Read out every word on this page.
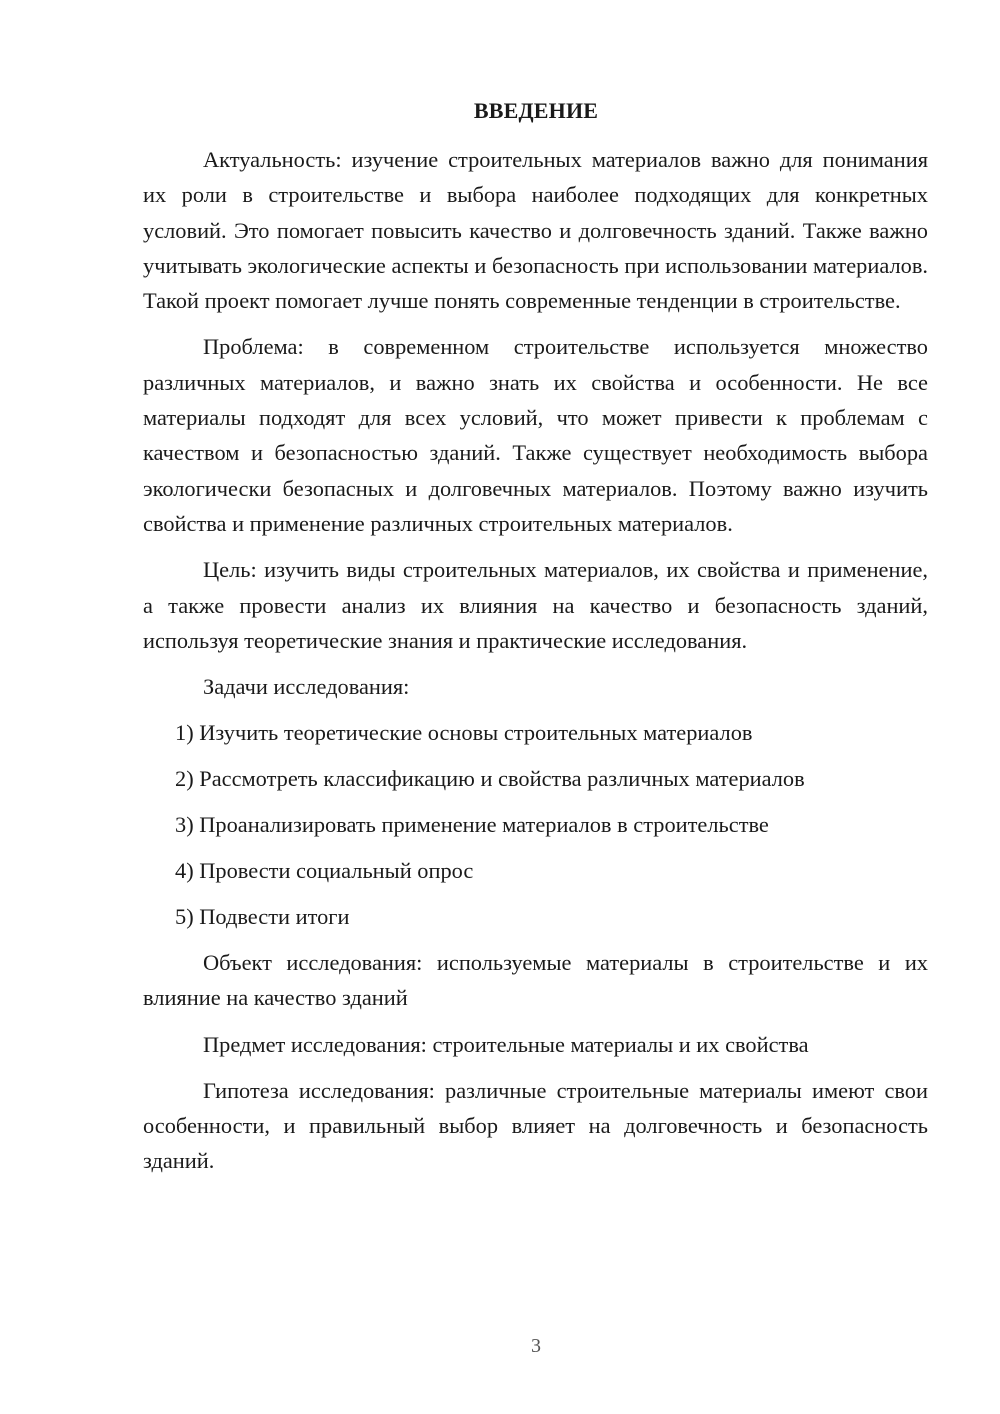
ВВЕДЕНИЕ

Актуальность: изучение строительных материалов важно для понимания их роли в строительстве и выбора наиболее подходящих для конкретных условий. Это помогает повысить качество и долговечность зданий. Также важно учитывать экологические аспекты и безопасность при использовании материалов. Такой проект помогает лучше понять современные тенденции в строительстве.

Проблема: в современном строительстве используется множество различных материалов, и важно знать их свойства и особенности. Не все материалы подходят для всех условий, что может привести к проблемам с качеством и безопасностью зданий. Также существует необходимость выбора экологически безопасных и долговечных материалов. Поэтому важно изучить свойства и применение различных строительных материалов.

Цель: изучить виды строительных материалов, их свойства и применение, а также провести анализ их влияния на качество и безопасность зданий, используя теоретические знания и практические исследования.

Задачи исследования:

1) Изучить теоретические основы строительных материалов
2) Рассмотреть классификацию и свойства различных материалов
3) Проанализировать применение материалов в строительстве
4) Провести социальный опрос
5) Подвести итоги

Объект исследования: используемые материалы в строительстве и их влияние на качество зданий

Предмет исследования: строительные материалы и их свойства

Гипотеза исследования: различные строительные материалы имеют свои особенности, и правильный выбор влияет на долговечность и безопасность зданий.

3
